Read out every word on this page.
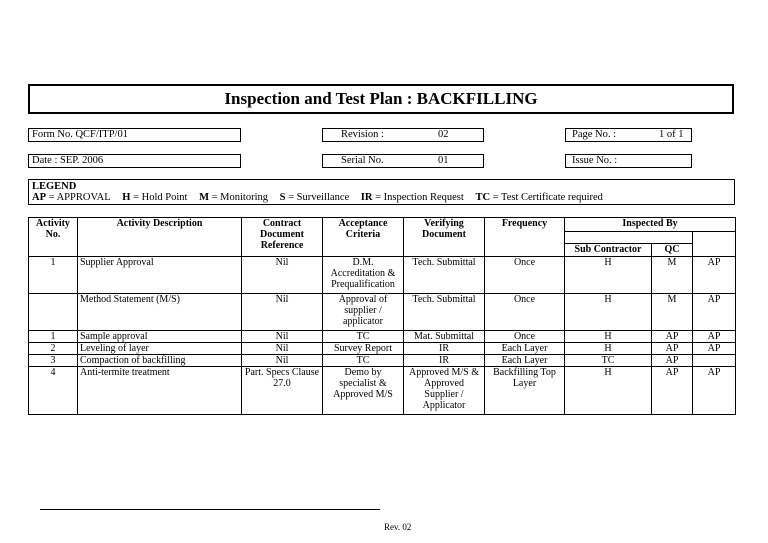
Inspection and Test Plan : BACKFILLING
Form No. QCF/ITP/01	Revision :	02	Page No. :	1 of 1
Date : SEP. 2006	Serial No.	01	Issue No. :
LEGEND
AP = APPROVAL H = Hold Point M = Monitoring S = Surveillance IR = Inspection Request TC = Test Certificate required
Activity No.	Activity Description	Contract Document Reference	Acceptance Criteria	Verifying Document	Frequency	Inspected By		

						Sub Contractor	QC	
1	Supplier Approval	Nil	D.M. Accreditation & Prequalification	Tech. Submittal	Once	H	M	AP
	Method Statement (M/S)	Nil	Approval of supplier / applicator	Tech. Submittal	Once	H	M	AP
1	Sample approval	Nil	TC	Mat. Submittal	Once	H	AP	AP
2	Leveling of layer	Nil	Survey Report	IR	Each Layer	H	AP	AP
3	Compaction of backfilling	Nil	TC	IR	Each Layer	TC	AP	
4	Anti-termite treatment	Part. Specs Clause 27.0	Demo by specialist & Approved M/S	Approved M/S & Approved Supplier / Applicator	Backfilling Top Layer	H	AP	AP
Rev. 02
